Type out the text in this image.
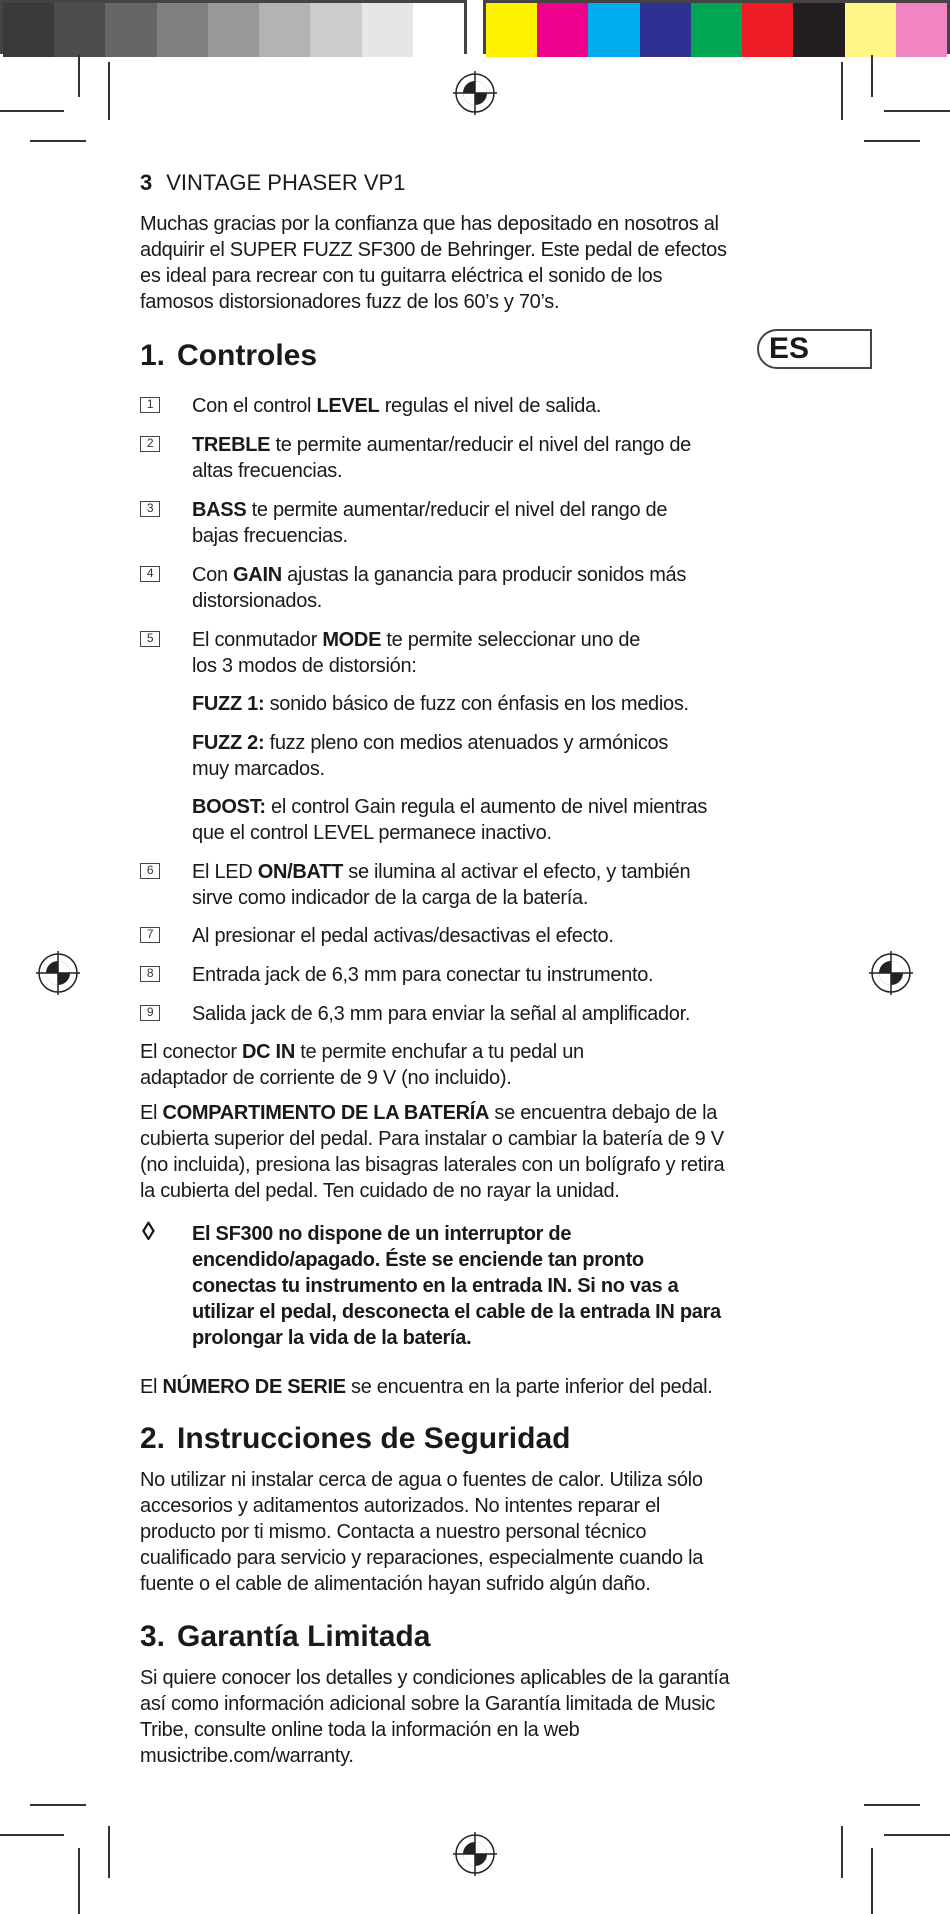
ES
3 VINTAGE PHASER VP1
Muchas gracias por la confianza que has depositado en nosotros al adquirir el SUPER FUZZ SF300 de Behringer. Este pedal de efectos es ideal para recrear con tu guitarra eléctrica el sonido de los famosos distorsionadores fuzz de los 60’s y 70’s.
1. Controles
1	Con el control LEVEL regulas el nivel de salida.
2	TREBLE te permite aumentar/reducir el nivel del rango de altas frecuencias.
3	BASS te permite aumentar/reducir el nivel del rango de bajas frecuencias.
4	Con GAIN ajustas la ganancia para producir sonidos más distorsionados.
5	El conmutador MODE te permite seleccionar uno de los 3 modos de distorsión:
FUZZ 1: sonido básico de fuzz con énfasis en los medios.
FUZZ 2: fuzz pleno con medios atenuados y armónicos muy marcados.
BOOST: el control Gain regula el aumento de nivel mientras que el control LEVEL permanece inactivo.
6	El LED ON/BATT se ilumina al activar el efecto, y también sirve como indicador de la carga de la batería.
7	Al presionar el pedal activas/desactivas el efecto.
8	Entrada jack de 6,3 mm para conectar tu instrumento.
9	Salida jack de 6,3 mm para enviar la señal al amplificador.
El conector DC IN te permite enchufar a tu pedal un adaptador de corriente de 9 V (no incluido).
El COMPARTIMENTO DE LA BATERÍA se encuentra debajo de la cubierta superior del pedal. Para instalar o cambiar la batería de 9 V (no incluida), presiona las bisagras laterales con un bolígrafo y retira la cubierta del pedal. Ten cuidado de no rayar la unidad.
◊ El SF300 no dispone de un interruptor de encendido/apagado. Éste se enciende tan pronto conectas tu instrumento en la entrada IN. Si no vas a utilizar el pedal, desconecta el cable de la entrada IN para prolongar la vida de la batería.
El NÚMERO DE SERIE se encuentra en la parte inferior del pedal.
2. Instrucciones de Seguridad
No utilizar ni instalar cerca de agua o fuentes de calor. Utiliza sólo accesorios y aditamentos autorizados. No intentes reparar el producto por ti mismo. Contacta a nuestro personal técnico cualificado para servicio y reparaciones, especialmente cuando la fuente o el cable de alimentación hayan sufrido algún daño.
3. Garantía Limitada
Si quiere conocer los detalles y condiciones aplicables de la garantía así como información adicional sobre la Garantía limitada de Music Tribe, consulte online toda la información en la web musictribe.com/warranty.
